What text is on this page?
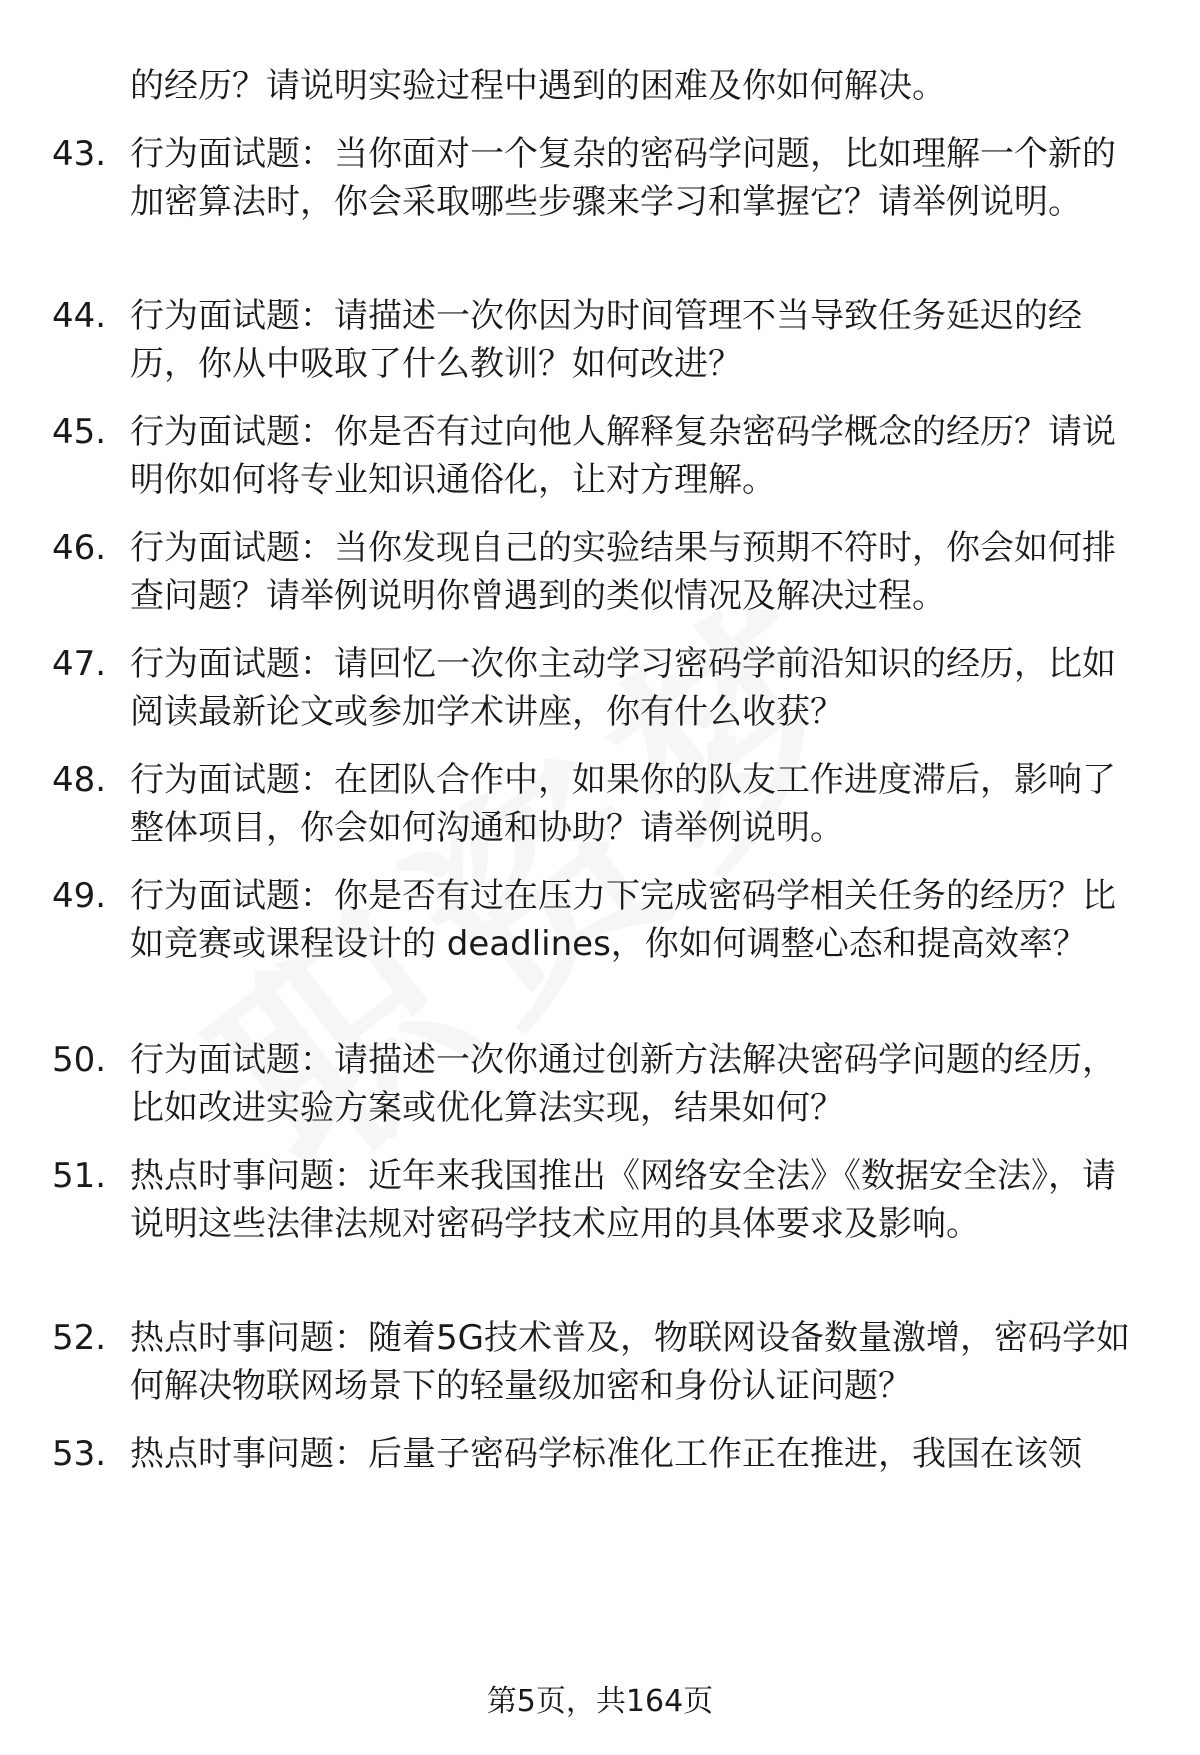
的经历？请说明实验过程中遇到的困难及你如何解决。
43. 行为面试题：当你面对一个复杂的密码学问题，比如理解一个新的加密算法时，你会采取哪些步骤来学习和掌握它？请举例说明。
44. 行为面试题：请描述一次你因为时间管理不当导致任务延迟的经历，你从中吸取了什么教训？如何改进？
45. 行为面试题：你是否有过向他人解释复杂密码学概念的经历？请说明你如何将专业知识通俗化，让对方理解。
46. 行为面试题：当你发现自己的实验结果与预期不符时，你会如何排查问题？请举例说明你曾遇到的类似情况及解决过程。
47. 行为面试题：请回忆一次你主动学习密码学前沿知识的经历，比如阅读最新论文或参加学术讲座，你有什么收获？
48. 行为面试题：在团队合作中，如果你的队友工作进度滞后，影响了整体项目，你会如何沟通和协助？请举例说明。
49. 行为面试题：你是否有过在压力下完成密码学相关任务的经历？比如竞赛或课程设计的 deadlines，你如何调整心态和提高效率？
50. 行为面试题：请描述一次你通过创新方法解决密码学问题的经历，比如改进实验方案或优化算法实现，结果如何？
51. 热点时事问题：近年来我国推出《网络安全法》《数据安全法》，请说明这些法律法规对密码学技术应用的具体要求及影响。
52. 热点时事问题：随着5G技术普及，物联网设备数量激增，密码学如何解决物联网场景下的轻量级加密和身份认证问题？
53. 热点时事问题：后量子密码学标准化工作正在推进，我国在该领
第5页，共164页
